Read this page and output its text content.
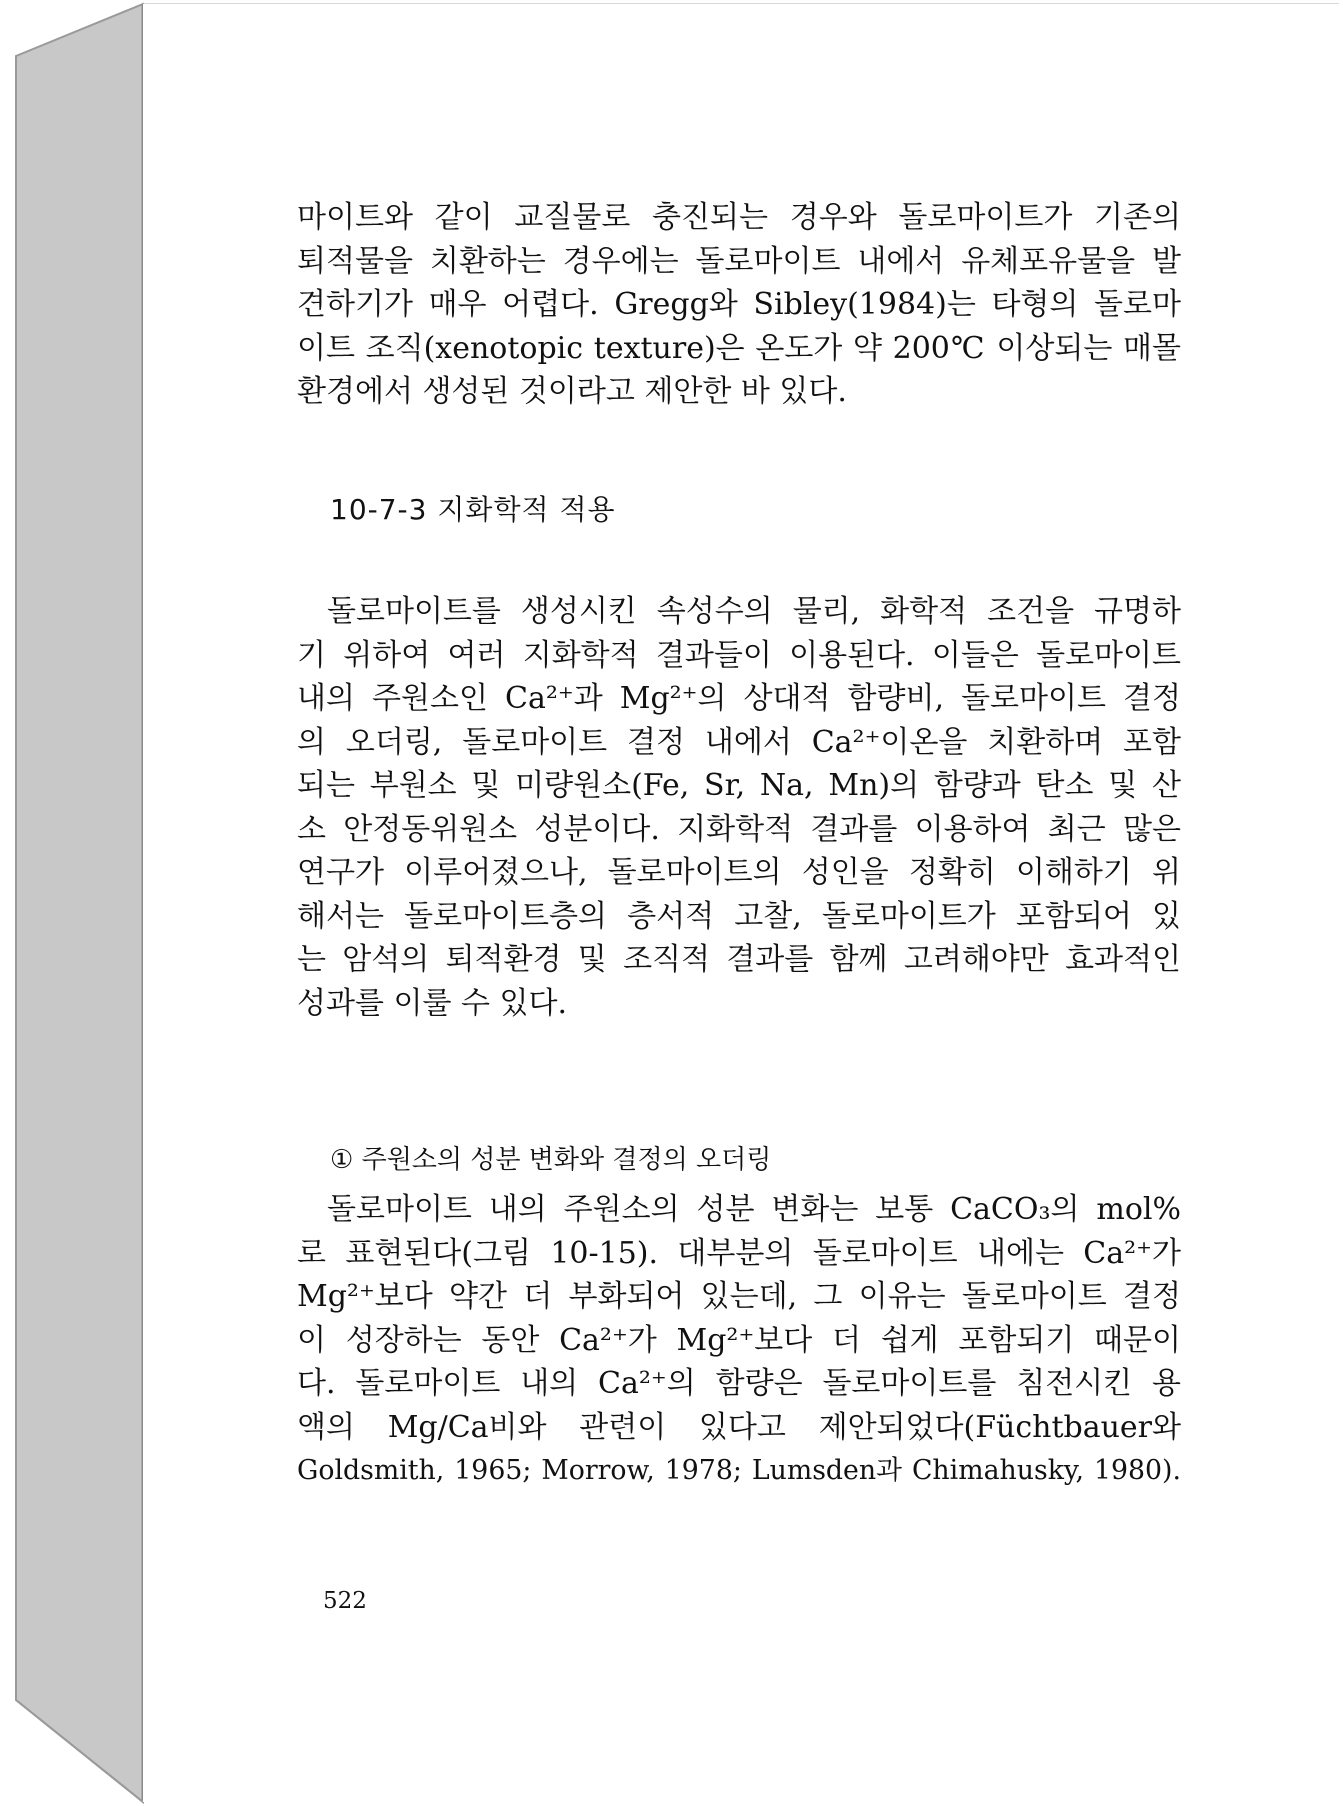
마이트와 같이 교질물로 충진되는 경우와 돌로마이트가 기존의
퇴적물을 치환하는 경우에는 돌로마이트 내에서 유체포유물을 발
견하기가 매우 어렵다. Gregg와 Sibley(1984)는 타형의 돌로마
이트 조직(xenotopic texture)은 온도가 약 200℃ 이상되는 매몰
환경에서 생성된 것이라고 제안한 바 있다.
10-7-3 지화학적 적용
돌로마이트를 생성시킨 속성수의 물리, 화학적 조건을 규명하
기 위하여 여러 지화학적 결과들이 이용된다. 이들은 돌로마이트
내의 주원소인 Ca²⁺과 Mg²⁺의 상대적 함량비, 돌로마이트 결정
의 오더링, 돌로마이트 결정 내에서 Ca²⁺이온을 치환하며 포함
되는 부원소 및 미량원소(Fe, Sr, Na, Mn)의 함량과 탄소 및 산
소 안정동위원소 성분이다. 지화학적 결과를 이용하여 최근 많은
연구가 이루어졌으나, 돌로마이트의 성인을 정확히 이해하기 위
해서는 돌로마이트층의 층서적 고찰, 돌로마이트가 포함되어 있
는 암석의 퇴적환경 및 조직적 결과를 함께 고려해야만 효과적인
성과를 이룰 수 있다.
① 주원소의 성분 변화와 결정의 오더링
돌로마이트 내의 주원소의 성분 변화는 보통 CaCO₃의 mol%
로 표현된다(그림 10-15). 대부분의 돌로마이트 내에는 Ca²⁺가
Mg²⁺보다 약간 더 부화되어 있는데, 그 이유는 돌로마이트 결정
이 성장하는 동안 Ca²⁺가 Mg²⁺보다 더 쉽게 포함되기 때문이
다. 돌로마이트 내의 Ca²⁺의 함량은 돌로마이트를 침전시킨 용
액의 Mg/Ca비와 관련이 있다고 제안되었다(Füchtbauer와
Goldsmith, 1965; Morrow, 1978; Lumsden과 Chimahusky, 1980).
522
